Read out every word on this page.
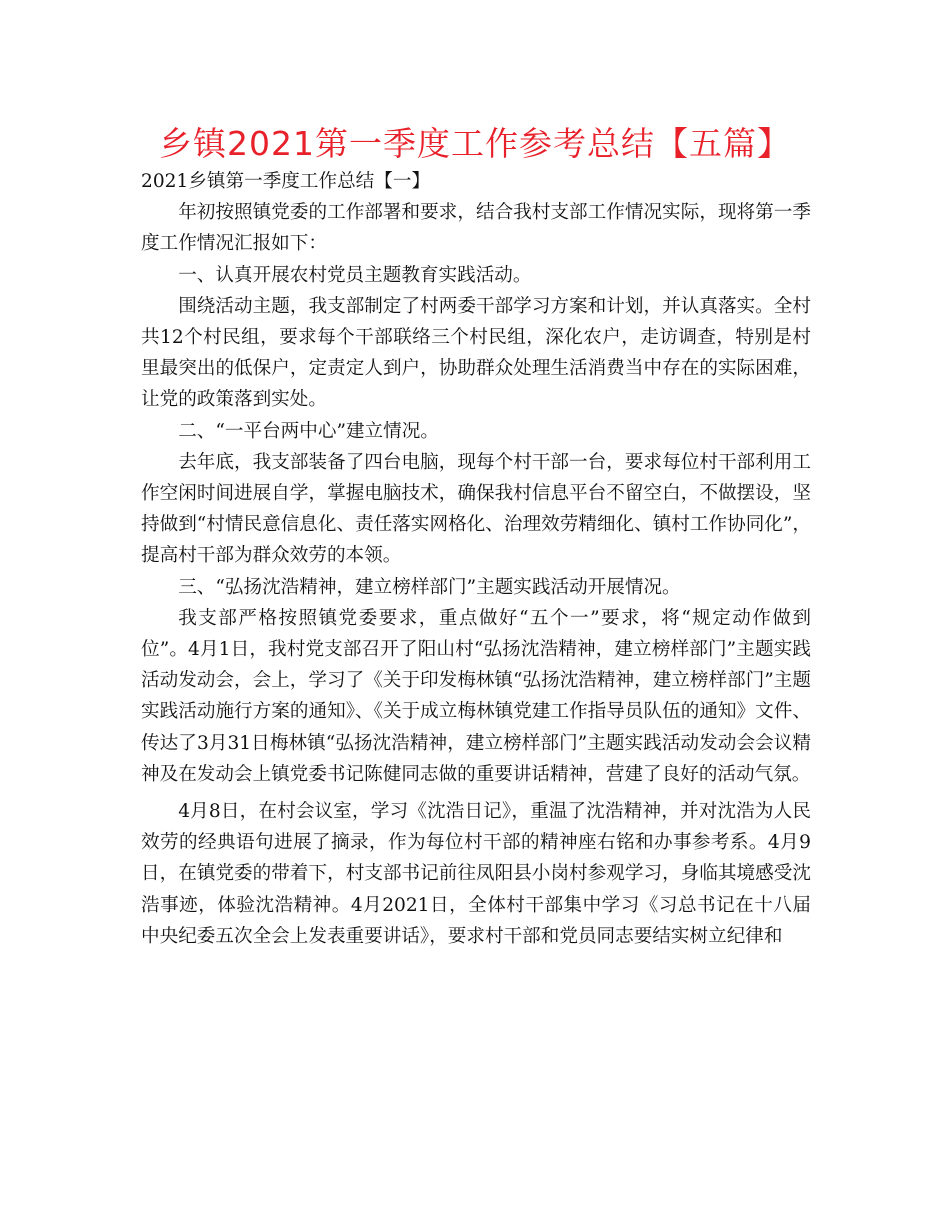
乡镇2021第一季度工作参考总结【五篇】

2021乡镇第一季度工作总结【一】

年初按照镇党委的工作部署和要求，结合我村支部工作情况实际，现将第一季度工作情况汇报如下：

一、认真开展农村党员主题教育实践活动。

围绕活动主题，我支部制定了村两委干部学习方案和计划，并认真落实。全村共12个村民组，要求每个干部联络三个村民组，深化农户，走访调查，特别是村里最突出的低保户，定责定人到户，协助群众处理生活消费当中存在的实际困难，让党的政策落到实处。

二、“一平台两中心”建立情况。

去年底，我支部装备了四台电脑，现每个村干部一台，要求每位村干部利用工作空闲时间进展自学，掌握电脑技术，确保我村信息平台不留空白，不做摆设，坚持做到“村情民意信息化、责任落实网格化、治理效劳精细化、镇村工作协同化”，提高村干部为群众效劳的本领。

三、“弘扬沈浩精神，建立榜样部门”主题实践活动开展情况。

我支部严格按照镇党委要求，重点做好“五个一”要求，将“规定动作做到位”。4月1日，我村党支部召开了阳山村“弘扬沈浩精神，建立榜样部门”主题实践活动发动会，会上，学习了《关于印发梅林镇“弘扬沈浩精神，建立榜样部门”主题实践活动施行方案的通知》、《关于成立梅林镇党建工作指导员队伍的通知》文件、传达了3月31日梅林镇“弘扬沈浩精神，建立榜样部门”主题实践活动发动会会议精神及在发动会上镇党委书记陈健同志做的重要讲话精神，营建了良好的活动气氛。

4月8日，在村会议室，学习《沈浩日记》，重温了沈浩精神，并对沈浩为人民效劳的经典语句进展了摘录，作为每位村干部的精神座右铭和办事参考系。4月9日，在镇党委的带着下，村支部书记前往凤阳县小岗村参观学习，身临其境感受沈浩事迹，体验沈浩精神。4月2021日，全体村干部集中学习《习总书记在十八届中央纪委五次全会上发表重要讲话》，要求村干部和党员同志要结实树立纪律和
